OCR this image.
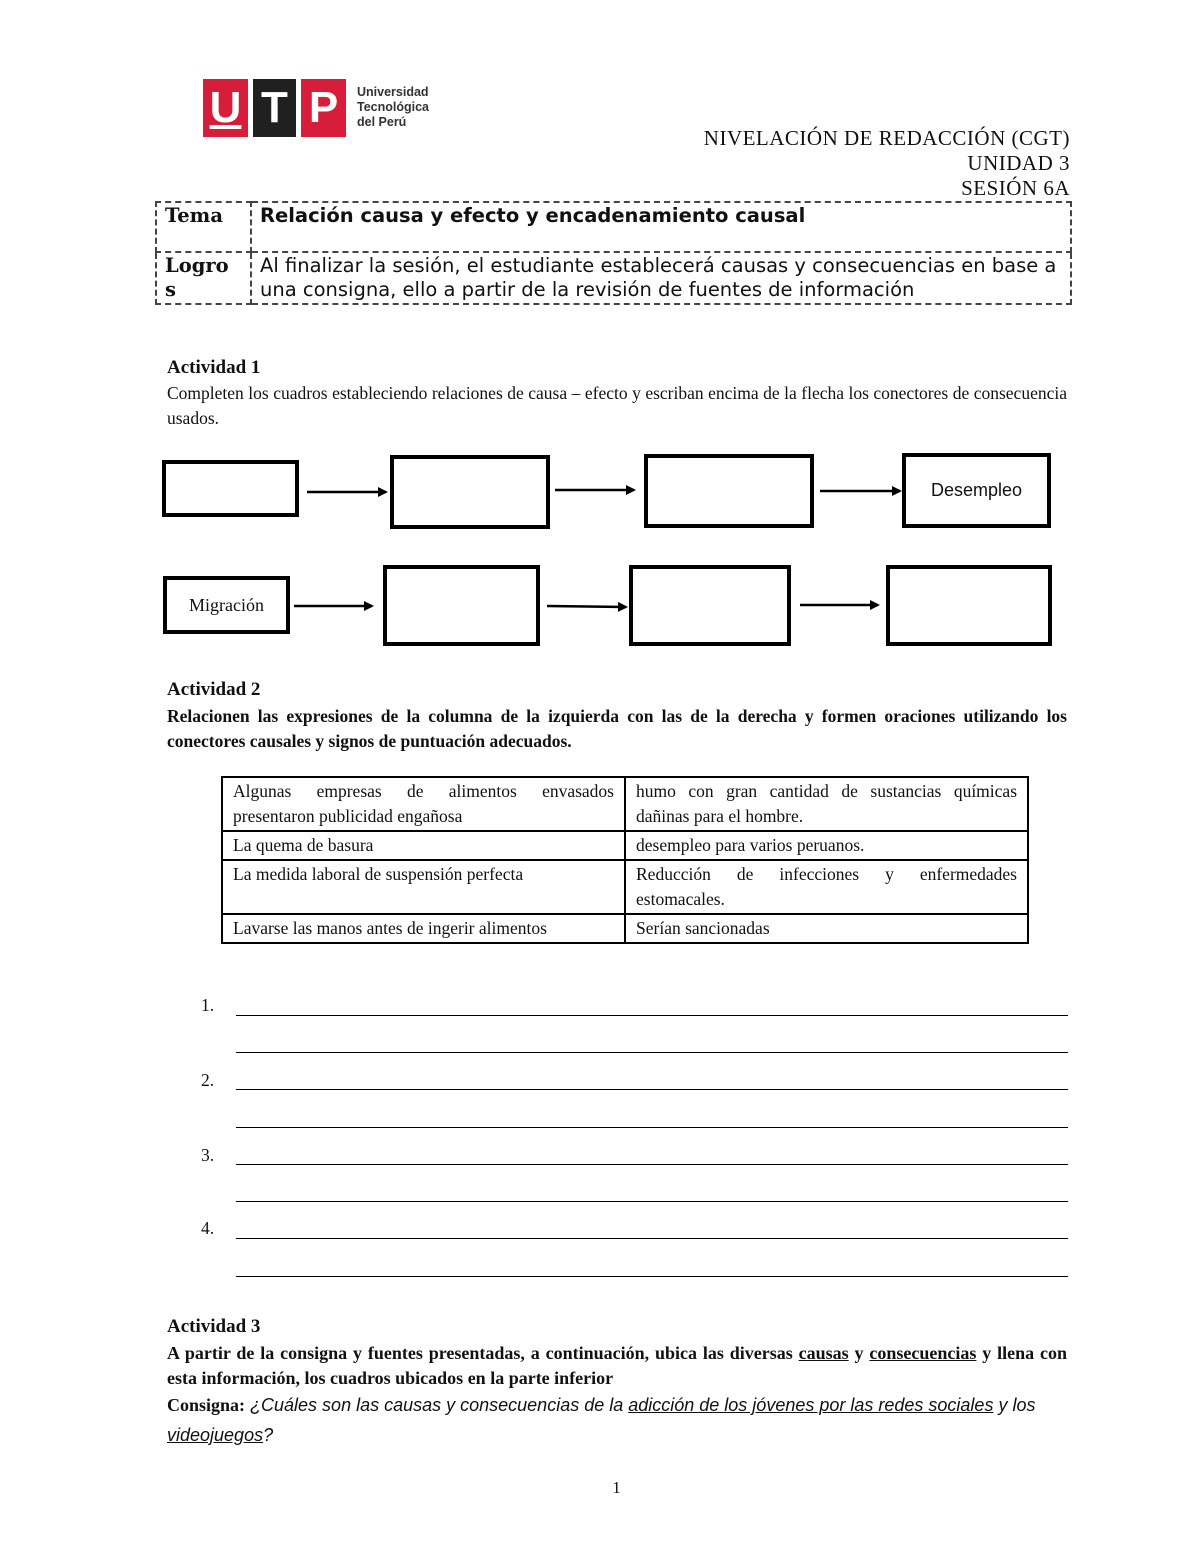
U T P	Universidad
Tecnológica
del Perú
NIVELACIÓN DE REDACCIÓN (CGT)
UNIDAD 3
SESIÓN 6A
Tema	Relación causa y efecto y encadenamiento causal

Logro
s	Al finalizar la sesión, el estudiante establecerá causas y consecuencias en base a una consigna, ello a partir de la revisión de fuentes de información
Actividad 1
Completen los cuadros estableciendo relaciones de causa – efecto y escriban encima de la flecha los conectores de consecuencia usados.
Desempleo
Migración
Actividad 2
Relacionen las expresiones de la columna de la izquierda con las de la derecha y formen oraciones utilizando los conectores causales y signos de puntuación adecuados.
Algunas empresas de alimentos envasados presentaron publicidad engañosa	humo con gran cantidad de sustancias químicas dañinas para el hombre.
La quema de basura	desempleo para varios peruanos.
La medida laboral de suspensión perfecta	Reducción de infecciones y enfermedades estomacales.
Lavarse las manos antes de ingerir alimentos	Serían sancionadas
1.
2.
3.
4.
Actividad 3
A partir de la consigna y fuentes presentadas, a continuación, ubica las diversas causas y consecuencias y llena con esta información, los cuadros ubicados en la parte inferior
Consigna: ¿Cuáles son las causas y consecuencias de la adicción de los jóvenes por las redes sociales y los videojuegos?
1
